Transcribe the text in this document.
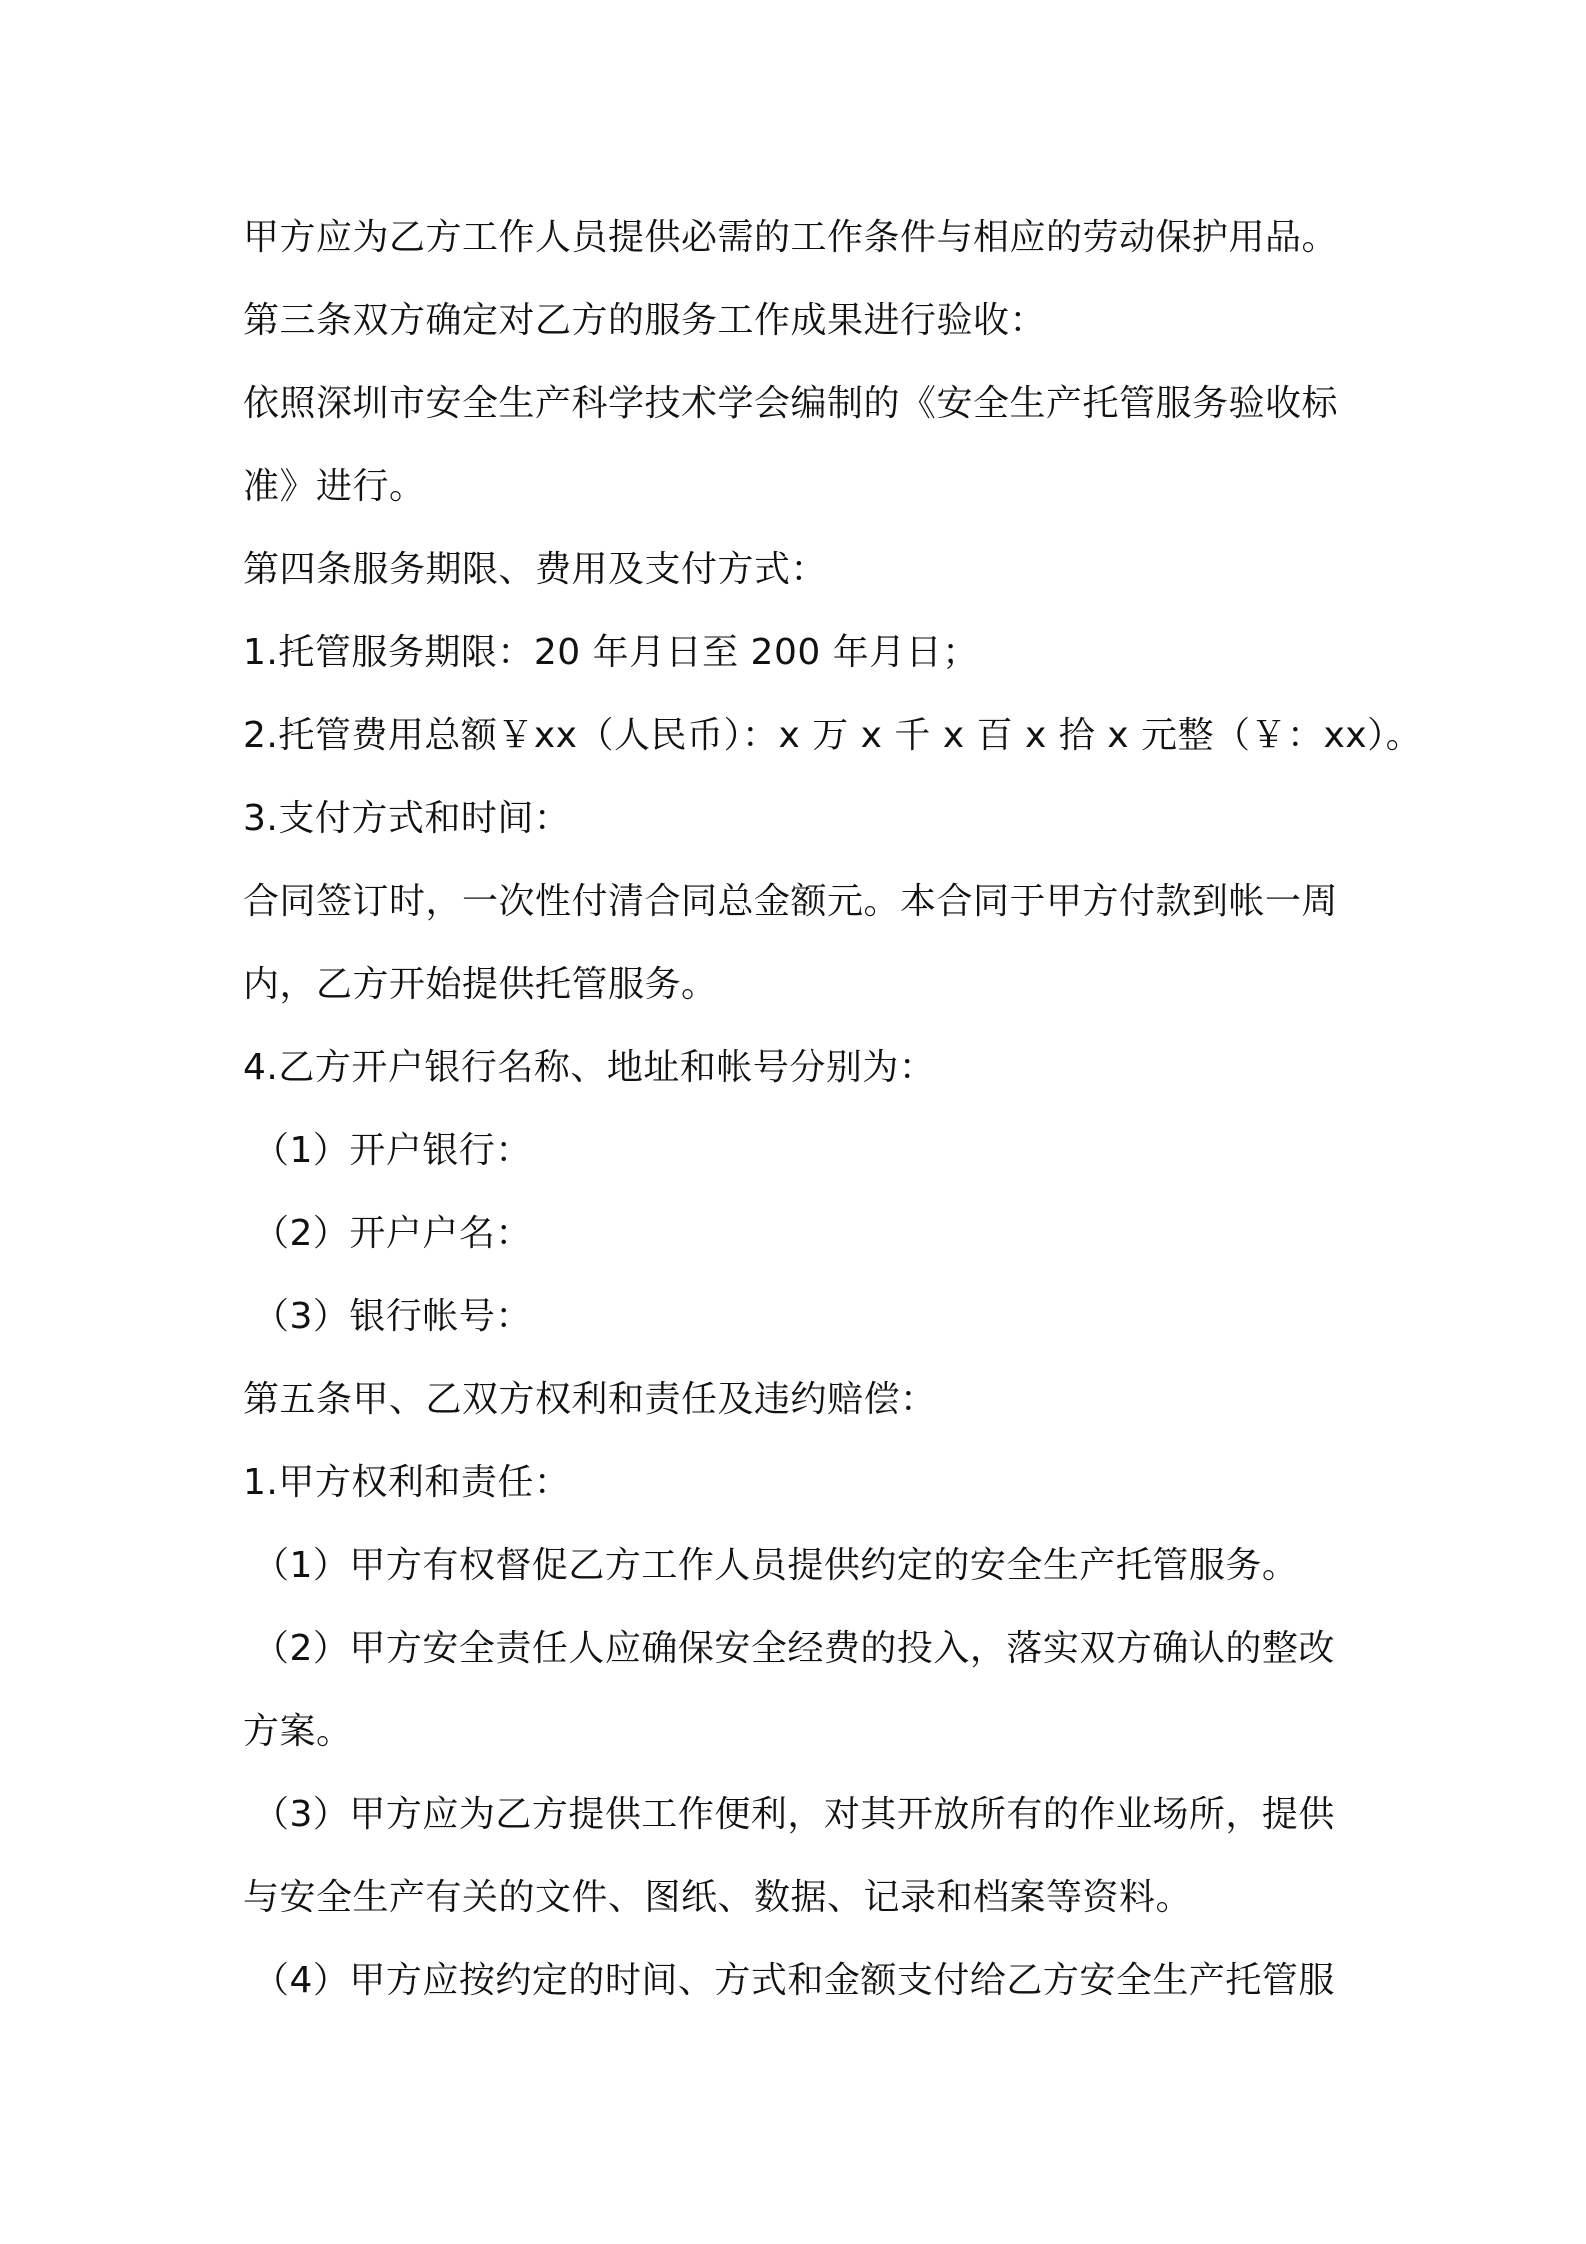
甲方应为乙方工作人员提供必需的工作条件与相应的劳动保护用品。
第三条双方确定对乙方的服务工作成果进行验收：
依照深圳市安全生产科学技术学会编制的《安全生产托管服务验收标
准》进行。
第四条服务期限、费用及支付方式：
1.托管服务期限：20 年月日至 200 年月日；
2.托管费用总额￥xx（人民币）：x 万 x 千 x 百 x 拾 x 元整（￥：xx）。
3.支付方式和时间：
合同签订时，一次性付清合同总金额元。本合同于甲方付款到帐一周
内，乙方开始提供托管服务。
4.乙方开户银行名称、地址和帐号分别为：
（1）开户银行：
（2）开户户名：
（3）银行帐号：
第五条甲、乙双方权利和责任及违约赔偿：
1.甲方权利和责任：
（1）甲方有权督促乙方工作人员提供约定的安全生产托管服务。
（2）甲方安全责任人应确保安全经费的投入，落实双方确认的整改
方案。
（3）甲方应为乙方提供工作便利，对其开放所有的作业场所，提供
与安全生产有关的文件、图纸、数据、记录和档案等资料。
（4）甲方应按约定的时间、方式和金额支付给乙方安全生产托管服
